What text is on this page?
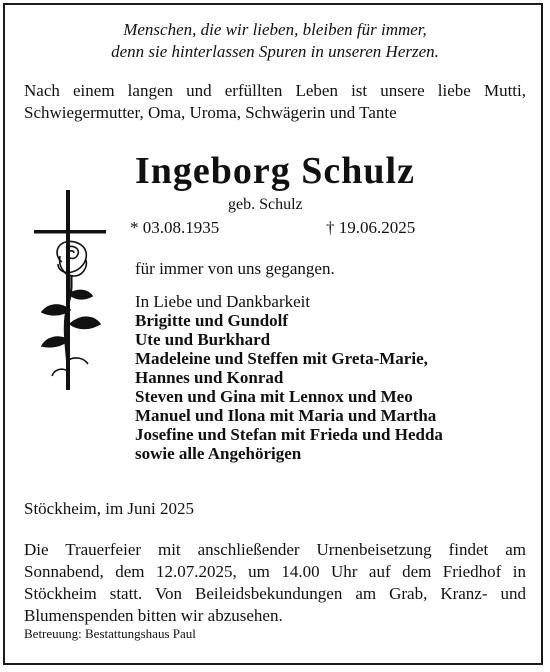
Menschen, die wir lieben, bleiben für immer,
denn sie hinterlassen Spuren in unseren Herzen.
Nach einem langen und erfüllten Leben ist unsere liebe Mutti,
Schwiegermutter, Oma, Uroma, Schwägerin und Tante
Ingeborg Schulz
geb. Schulz
* 03.08.1935	† 19.06.2025
für immer von uns gegangen.
In Liebe und Dankbarkeit
Brigitte und Gundolf
Ute und Burkhard
Madeleine und Steffen mit Greta-Marie,
Hannes und Konrad
Steven und Gina mit Lennox und Meo
Manuel und Ilona mit Maria und Martha
Josefine und Stefan mit Frieda und Hedda
sowie alle Angehörigen
Stöckheim, im Juni 2025
Die Trauerfeier mit anschließender Urnenbeisetzung findet am
Sonnabend, dem 12.07.2025, um 14.00 Uhr auf dem Friedhof in
Stöckheim statt. Von Beileidsbekundungen am Grab, Kranz- und
Blumenspenden bitten wir abzusehen.
Betreuung: Bestattungshaus Paul
